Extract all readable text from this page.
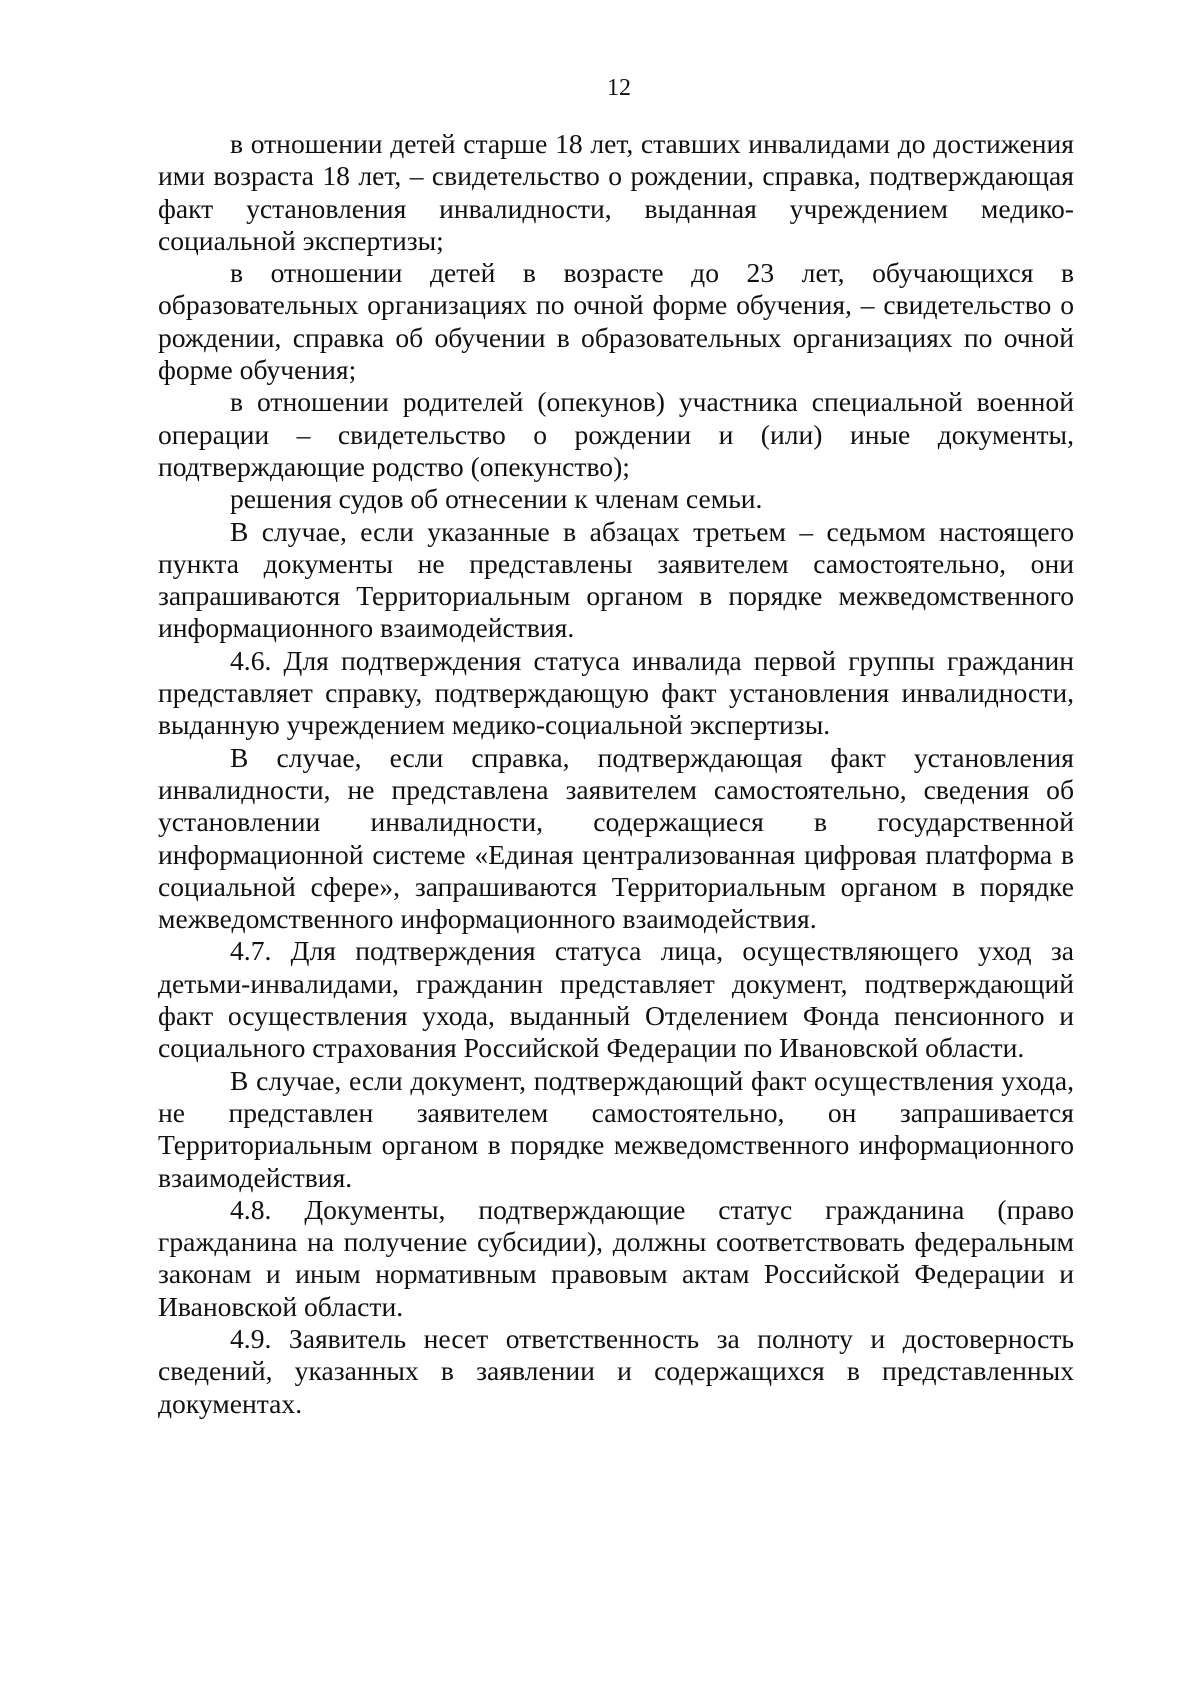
12

в отношении детей старше 18 лет, ставших инвалидами до достижения ими возраста 18 лет, – свидетельство о рождении, справка, подтверждающая факт установления инвалидности, выданная учреждением медико-социальной экспертизы;

в отношении детей в возрасте до 23 лет, обучающихся в образовательных организациях по очной форме обучения, – свидетельство о рождении, справка об обучении в образовательных организациях по очной форме обучения;

в отношении родителей (опекунов) участника специальной военной операции – свидетельство о рождении и (или) иные документы, подтверждающие родство (опекунство);

решения судов об отнесении к членам семьи.

В случае, если указанные в абзацах третьем – седьмом настоящего пункта документы не представлены заявителем самостоятельно, они запрашиваются Территориальным органом в порядке межведомственного информационного взаимодействия.

4.6. Для подтверждения статуса инвалида первой группы гражданин представляет справку, подтверждающую факт установления инвалидности, выданную учреждением медико-социальной экспертизы.

В случае, если справка, подтверждающая факт установления инвалидности, не представлена заявителем самостоятельно, сведения об установлении инвалидности, содержащиеся в государственной информационной системе «Единая централизованная цифровая платформа в социальной сфере», запрашиваются Территориальным органом в порядке межведомственного информационного взаимодействия.

4.7. Для подтверждения статуса лица, осуществляющего уход за детьми-инвалидами, гражданин представляет документ, подтверждающий факт осуществления ухода, выданный Отделением Фонда пенсионного и социального страхования Российской Федерации по Ивановской области.

В случае, если документ, подтверждающий факт осуществления ухода, не представлен заявителем самостоятельно, он запрашивается Территориальным органом в порядке межведомственного информационного взаимодействия.

4.8. Документы, подтверждающие статус гражданина (право гражданина на получение субсидии), должны соответствовать федеральным законам и иным нормативным правовым актам Российской Федерации и Ивановской области.

4.9. Заявитель несет ответственность за полноту и достоверность сведений, указанных в заявлении и содержащихся в представленных документах.
